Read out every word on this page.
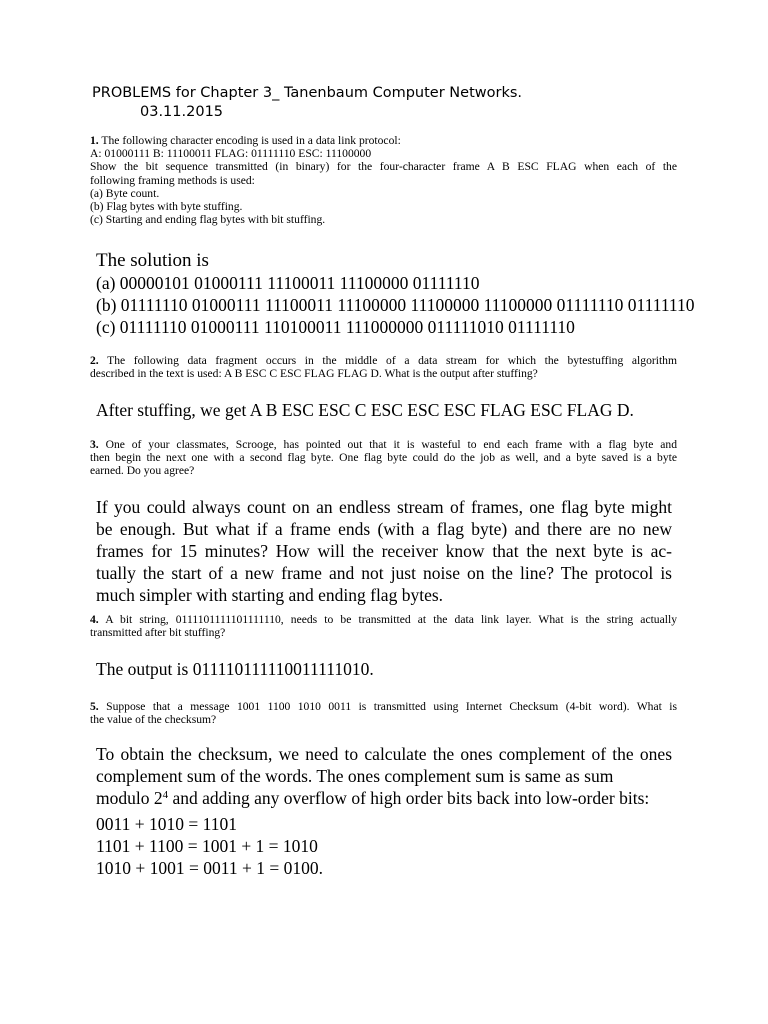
PROBLEMS for Chapter 3_ Tanenbaum Computer Networks.
03.11.2015
1. The following character encoding is used in a data link protocol:
A: 01000111 B: 11100011 FLAG: 01111110 ESC: 11100000
Show the bit sequence transmitted (in binary) for the four-character frame A B ESC FLAG when each of the
following framing methods is used:
(a) Byte count.
(b) Flag bytes with byte stuffing.
(c) Starting and ending flag bytes with bit stuffing.
The solution is
(a) 00000101 01000111 11100011 11100000 01111110
(b) 01111110 01000111 11100011 11100000 11100000 11100000 01111110 01111110
(c) 01111110 01000111 110100011 111000000 011111010 01111110
2. The following data fragment occurs in the middle of a data stream for which the bytestuffing algorithm
described in the text is used: A B ESC C ESC FLAG FLAG D. What is the output after stuffing?
After stuffing, we get A B ESC ESC C ESC ESC ESC FLAG ESC FLAG D.
3. One of your classmates, Scrooge, has pointed out that it is wasteful to end each frame with a flag byte and
then begin the next one with a second flag byte. One flag byte could do the job as well, and a byte saved is a byte
earned. Do you agree?
If you could always count on an endless stream of frames, one flag byte might
be enough. But what if a frame ends (with a flag byte) and there are no new
frames for 15 minutes? How will the receiver know that the next byte is ac-
tually the start of a new frame and not just noise on the line? The protocol is
much simpler with starting and ending flag bytes.
4. A bit string, 0111101111101111110, needs to be transmitted at the data link layer. What is the string actually
transmitted after bit stuffing?
The output is 011110111110011111010.
5. Suppose that a message 1001 1100 1010 0011 is transmitted using Internet Checksum (4-bit word). What is
the value of the checksum?
To obtain the checksum, we need to calculate the ones complement of the ones
complement sum of the words. The ones complement sum is same as sum
modulo $2^4$ and adding any overflow of high order bits back into low-order bits:
0011 + 1010 = 1101
1101 + 1100 = 1001 + 1 = 1010
1010 + 1001 = 0011 + 1 = 0100.
